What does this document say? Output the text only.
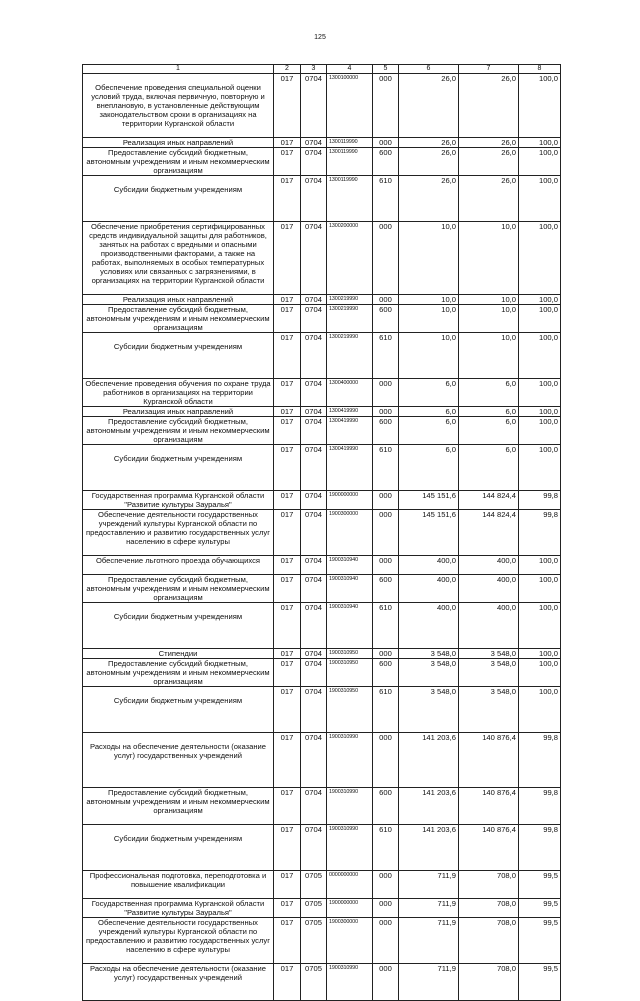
125
1	2	3	4	5	6	7	8
Обеспечение проведения специальной оценки условий труда, включая первичную, повторную и внеплановую, в установленные действующим законодательством сроки в организациях на территории Курганской области	017	0704	1300100000	000	26,0	26,0	100,0
Реализация иных направлений	017	0704	1300119990	000	26,0	26,0	100,0
Предоставление субсидий бюджетным, автономным учреждениям и иным некоммерческим организациям	017	0704	1300119990	600	26,0	26,0	100,0
Субсидии бюджетным учреждениям	017	0704	1300119990	610	26,0	26,0	100,0
Обеспечение приобретения сертифицированных средств индивидуальной защиты для работников, занятых на работах с вредными и опасными производственными факторами, а также на работах, выполняемых в особых температурных условиях или связанных с загрязнениями, в организациях на территории Курганской области	017	0704	1300200000	000	10,0	10,0	100,0
Реализация иных направлений	017	0704	1300219990	000	10,0	10,0	100,0
Предоставление субсидий бюджетным, автономным учреждениям и иным некоммерческим организациям	017	0704	1300219990	600	10,0	10,0	100,0
Субсидии бюджетным учреждениям	017	0704	1300219990	610	10,0	10,0	100,0
Обеспечение проведения обучения по охране труда работников в организациях на территории Курганской области	017	0704	1300400000	000	6,0	6,0	100,0
Реализация иных направлений	017	0704	1300419990	000	6,0	6,0	100,0
Предоставление субсидий бюджетным, автономным учреждениям и иным некоммерческим организациям	017	0704	1300419990	600	6,0	6,0	100,0
Субсидии бюджетным учреждениям	017	0704	1300419990	610	6,0	6,0	100,0
Государственная программа Курганской области "Развитие культуры Зауралья"	017	0704	1900000000	000	145 151,6	144 824,4	99,8
Обеспечение деятельности государственных учреждений культуры Курганской области по предоставлению и развитию государственных услуг населению в сфере культуры	017	0704	1900300000	000	145 151,6	144 824,4	99,8
Обеспечение льготного проезда обучающихся	017	0704	1900310940	000	400,0	400,0	100,0
Предоставление субсидий бюджетным, автономным учреждениям и иным некоммерческим организациям	017	0704	1900310940	600	400,0	400,0	100,0
Субсидии бюджетным учреждениям	017	0704	1900310940	610	400,0	400,0	100,0
Стипендии	017	0704	1900310950	000	3 548,0	3 548,0	100,0
Предоставление субсидий бюджетным, автономным учреждениям и иным некоммерческим организациям	017	0704	1900310950	600	3 548,0	3 548,0	100,0
Субсидии бюджетным учреждениям	017	0704	1900310950	610	3 548,0	3 548,0	100,0
Расходы на обеспечение деятельности (оказание услуг) государственных учреждений	017	0704	1900310990	000	141 203,6	140 876,4	99,8
Предоставление субсидий бюджетным, автономным учреждениям и иным некоммерческим организациям	017	0704	1900310990	600	141 203,6	140 876,4	99,8
Субсидии бюджетным учреждениям	017	0704	1900310990	610	141 203,6	140 876,4	99,8
Профессиональная подготовка, переподготовка и повышение квалификации	017	0705	0000000000	000	711,9	708,0	99,5
Государственная программа Курганской области "Развитие культуры Зауралья"	017	0705	1900000000	000	711,9	708,0	99,5
Обеспечение деятельности государственных учреждений культуры Курганской области по предоставлению и развитию государственных услуг населению в сфере культуры	017	0705	1900300000	000	711,9	708,0	99,5
Расходы на обеспечение деятельности (оказание услуг) государственных учреждений	017	0705	1900310990	000	711,9	708,0	99,5
